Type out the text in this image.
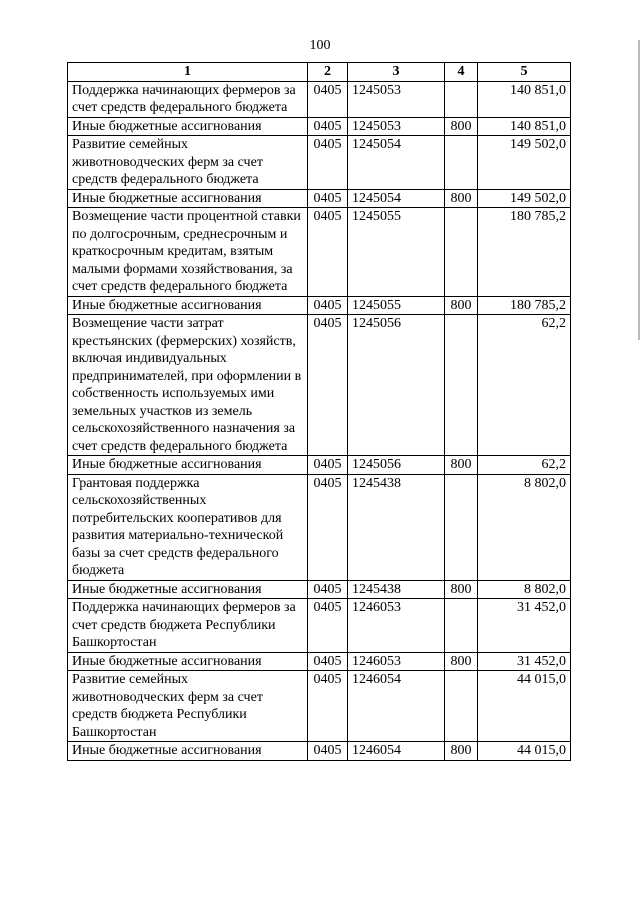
100
1	2	3	4	5
Поддержка начинающих фермеров за счет средств федерального бюджета	0405	1245053		140 851,0
Иные бюджетные ассигнования	0405	1245053	800	140 851,0
Развитие семейных животноводческих ферм за счет средств федерального бюджета	0405	1245054		149 502,0
Иные бюджетные ассигнования	0405	1245054	800	149 502,0
Возмещение части процентной ставки по долгосрочным, среднесрочным и краткосрочным кредитам, взятым малыми формами хозяйствования, за счет средств федерального бюджета	0405	1245055		180 785,2
Иные бюджетные ассигнования	0405	1245055	800	180 785,2
Возмещение части затрат крестьянских (фермерских) хозяйств, включая индивидуальных предпринимателей, при оформлении в собственность используемых ими земельных участков из земель сельскохозяйственного назначения за счет средств федерального бюджета	0405	1245056		62,2
Иные бюджетные ассигнования	0405	1245056	800	62,2
Грантовая поддержка сельскохозяйственных потребительских кооперативов для развития материально-технической базы за счет средств федерального бюджета	0405	1245438		8 802,0
Иные бюджетные ассигнования	0405	1245438	800	8 802,0
Поддержка начинающих фермеров за счет средств бюджета Республики Башкортостан	0405	1246053		31 452,0
Иные бюджетные ассигнования	0405	1246053	800	31 452,0
Развитие семейных животноводческих ферм за счет средств бюджета Республики Башкортостан	0405	1246054		44 015,0
Иные бюджетные ассигнования	0405	1246054	800	44 015,0
